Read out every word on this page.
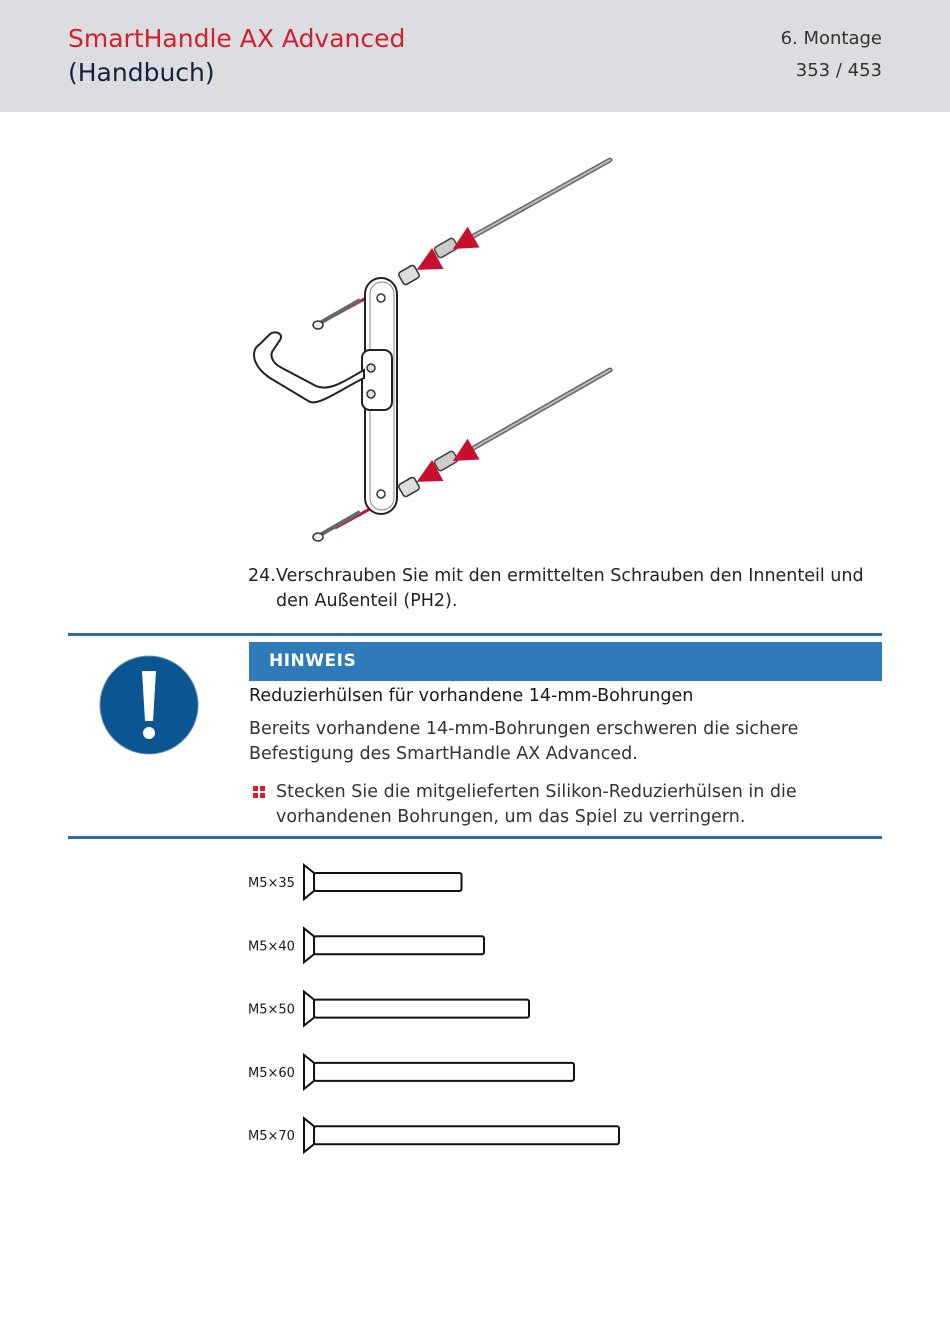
SmartHandle AX Advanced
(Handbuch)
6. Montage
353 / 453
24. Verschrauben Sie mit den ermittelten Schrauben den Innenteil und den Außenteil (PH2).
HINWEIS
Reduzierhülsen für vorhandene 14-mm-Bohrungen
Bereits vorhandene 14-mm-Bohrungen erschweren die sichere Befestigung des SmartHandle AX Advanced.
Stecken Sie die mitgelieferten Silikon-Reduzierhülsen in die vorhandenen Bohrungen, um das Spiel zu verringern.
M5×35
M5×40
M5×50
M5×60
M5×70
